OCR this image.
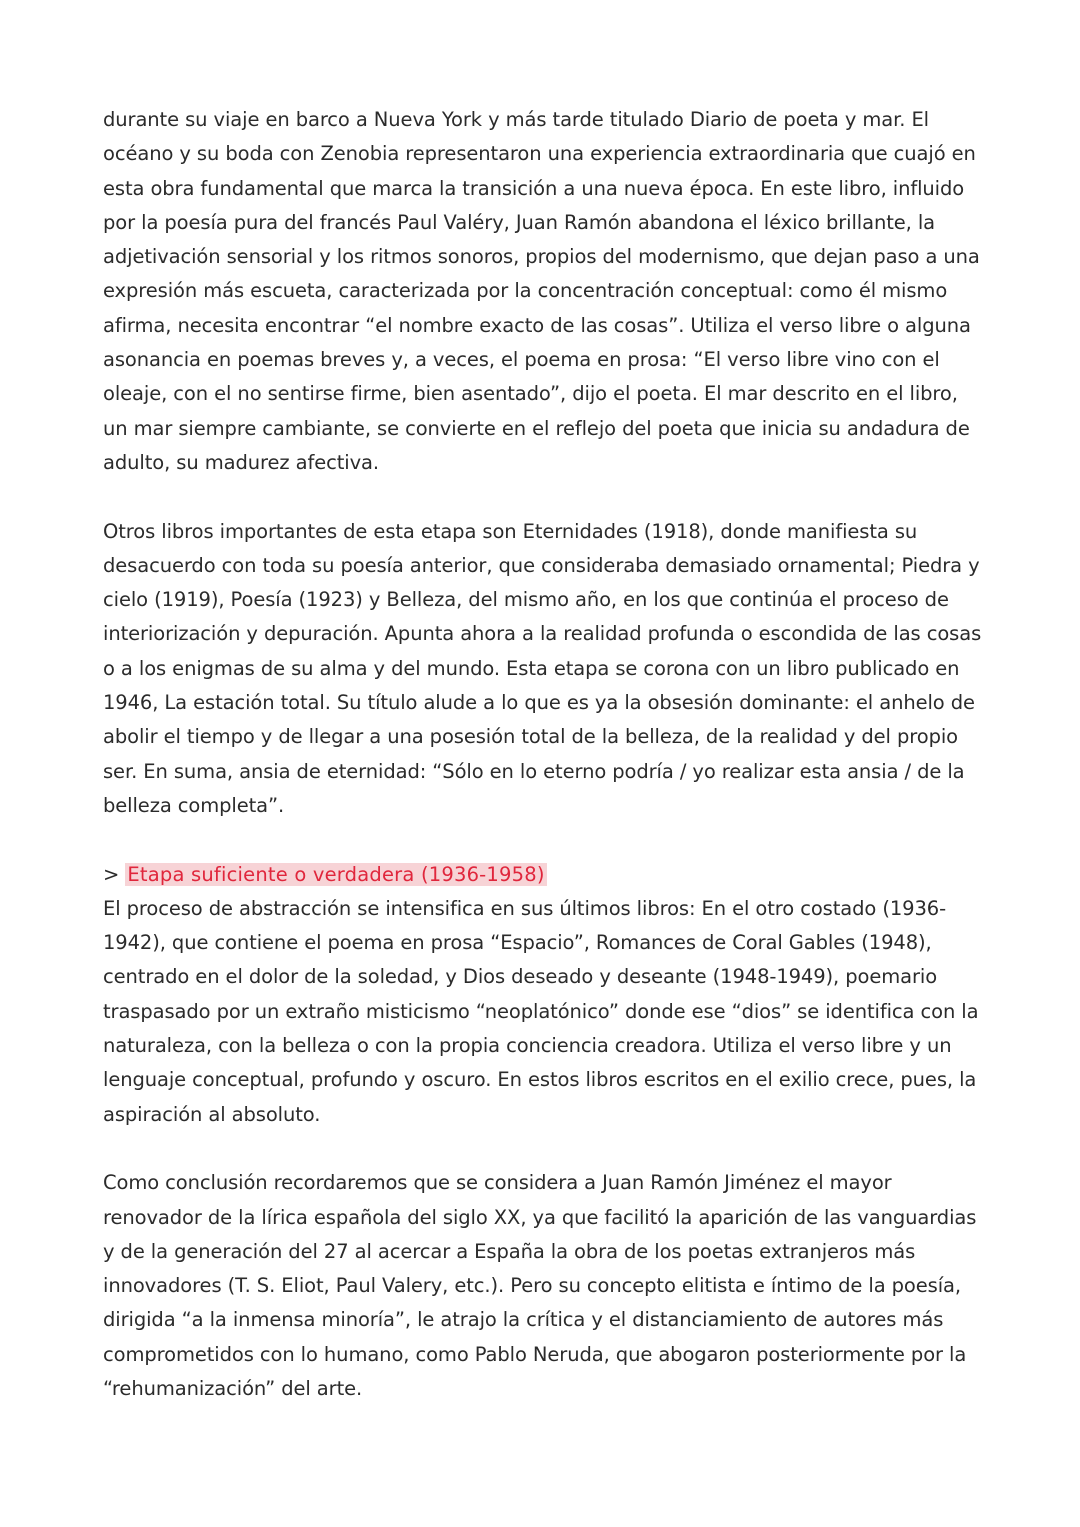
durante su viaje en barco a Nueva York y más tarde titulado Diario de poeta y mar. El océano y su boda con Zenobia representaron una experiencia extraordinaria que cuajó en esta obra fundamental que marca la transición a una nueva época. En este libro, influido por la poesía pura del francés Paul Valéry, Juan Ramón abandona el léxico brillante, la adjetivación sensorial y los ritmos sonoros, propios del modernismo, que dejan paso a una expresión más escueta, caracterizada por la concentración conceptual: como él mismo afirma, necesita encontrar “el nombre exacto de las cosas”. Utiliza el verso libre o alguna asonancia en poemas breves y, a veces, el poema en prosa: “El verso libre vino con el oleaje, con el no sentirse firme, bien asentado”, dijo el poeta. El mar descrito en el libro, un mar siempre cambiante, se convierte en el reflejo del poeta que inicia su andadura de adulto, su madurez afectiva.

Otros libros importantes de esta etapa son Eternidades (1918), donde manifiesta su desacuerdo con toda su poesía anterior, que consideraba demasiado ornamental; Piedra y cielo (1919), Poesía (1923) y Belleza, del mismo año, en los que continúa el proceso de interiorización y depuración. Apunta ahora a la realidad profunda o escondida de las cosas o a los enigmas de su alma y del mundo. Esta etapa se corona con un libro publicado en 1946, La estación total. Su título alude a lo que es ya la obsesión dominante: el anhelo de abolir el tiempo y de llegar a una posesión total de la belleza, de la realidad y del propio ser. En suma, ansia de eternidad: “Sólo en lo eterno podría / yo realizar esta ansia / de la belleza completa”.

> Etapa suficiente o verdadera (1936-1958)

El proceso de abstracción se intensifica en sus últimos libros: En el otro costado (1936-1942), que contiene el poema en prosa “Espacio”, Romances de Coral Gables (1948), centrado en el dolor de la soledad, y Dios deseado y deseante (1948-1949), poemario traspasado por un extraño misticismo “neoplatónico” donde ese “dios” se identifica con la naturaleza, con la belleza o con la propia conciencia creadora. Utiliza el verso libre y un lenguaje conceptual, profundo y oscuro. En estos libros escritos en el exilio crece, pues, la aspiración al absoluto.

Como conclusión recordaremos que se considera a Juan Ramón Jiménez el mayor renovador de la lírica española del siglo XX, ya que facilitó la aparición de las vanguardias y de la generación del 27 al acercar a España la obra de los poetas extranjeros más innovadores (T. S. Eliot, Paul Valery, etc.). Pero su concepto elitista e íntimo de la poesía, dirigida “a la inmensa minoría”, le atrajo la crítica y el distanciamiento de autores más comprometidos con lo humano, como Pablo Neruda, que abogaron posteriormente por la “rehumanización” del arte.
